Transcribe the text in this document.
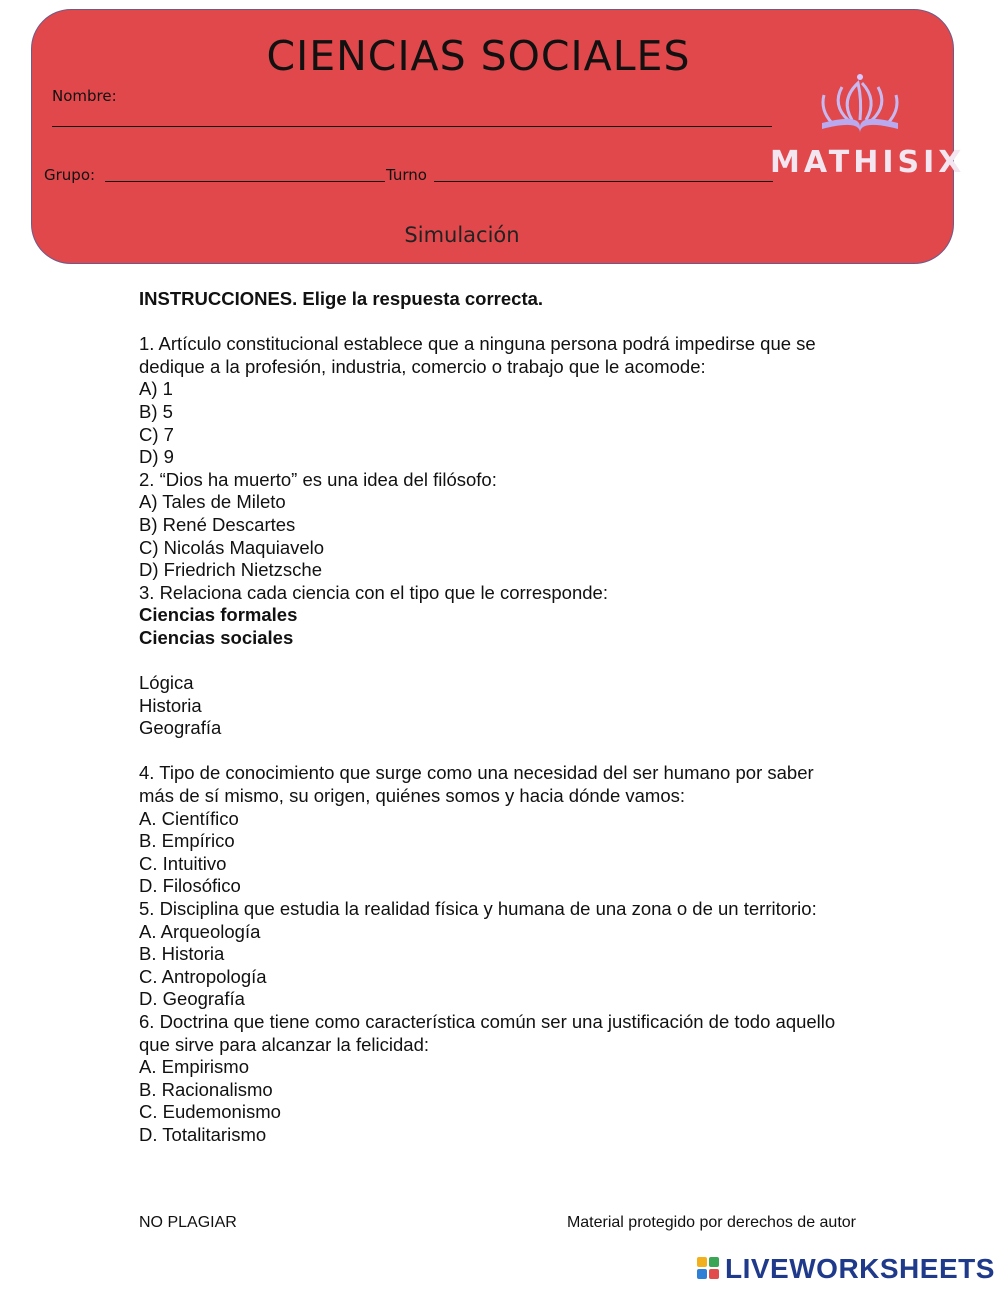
CIENCIAS SOCIALES
Nombre:
Grupo:	Turno
Simulación
MATHISIX

INSTRUCCIONES. Elige la respuesta correcta.

1. Artículo constitucional establece que a ninguna persona podrá impedirse que se

dedique a la profesión, industria, comercio o trabajo que le acomode:

A) 1

B) 5

C) 7

D) 9

2. “Dios ha muerto” es una idea del filósofo:

A) Tales de Mileto

B) René Descartes

C) Nicolás Maquiavelo

D) Friedrich Nietzsche

3. Relaciona cada ciencia con el tipo que le corresponde:

Ciencias formales

Ciencias sociales

Lógica

Historia

Geografía

4. Tipo de conocimiento que surge como una necesidad del ser humano por saber

más de sí mismo, su origen, quiénes somos y hacia dónde vamos:

A. Científico

B. Empírico

C. Intuitivo

D. Filosófico

5. Disciplina que estudia la realidad física y humana de una zona o de un territorio:

A. Arqueología

B. Historia

C. Antropología

D. Geografía

6. Doctrina que tiene como característica común ser una justificación de todo aquello

que sirve para alcanzar la felicidad:

A. Empirismo

B. Racionalismo

C. Eudemonismo

D. Totalitarismo

NO PLAGIAR	Material protegido por derechos de autor
LIVEWORKSHEETS
